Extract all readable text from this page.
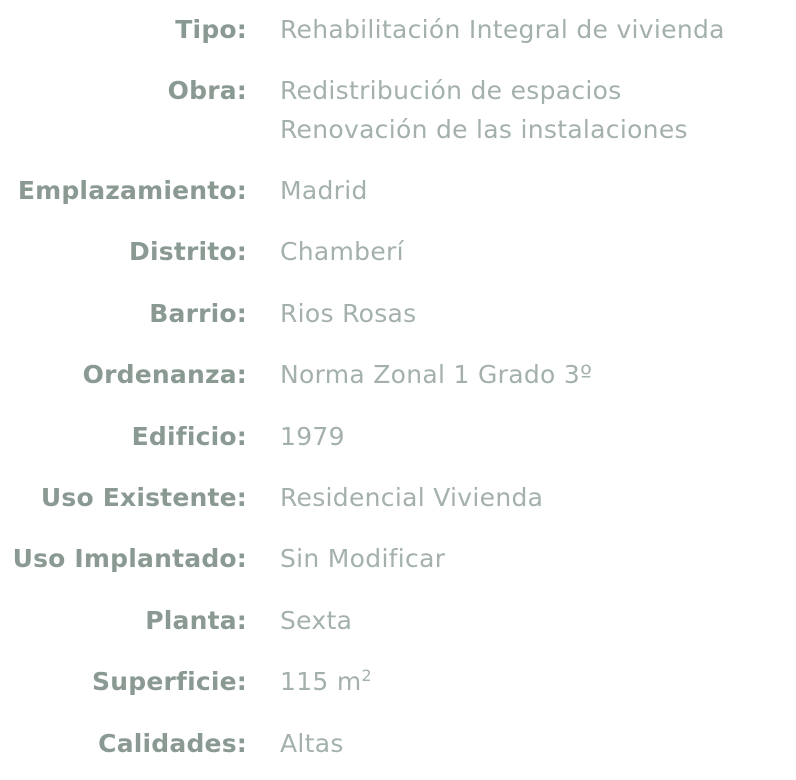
Tipo: Rehabilitación Integral de vivienda
Obra: Redistribución de espacios
Renovación de las instalaciones
Emplazamiento: Madrid
Distrito: Chamberí
Barrio: Rios Rosas
Ordenanza: Norma Zonal 1 Grado 3º
Edificio: 1979
Uso Existente: Residencial Vivienda
Uso Implantado: Sin Modificar
Planta: Sexta
Superficie: 115 $m^2$
Calidades: Altas
